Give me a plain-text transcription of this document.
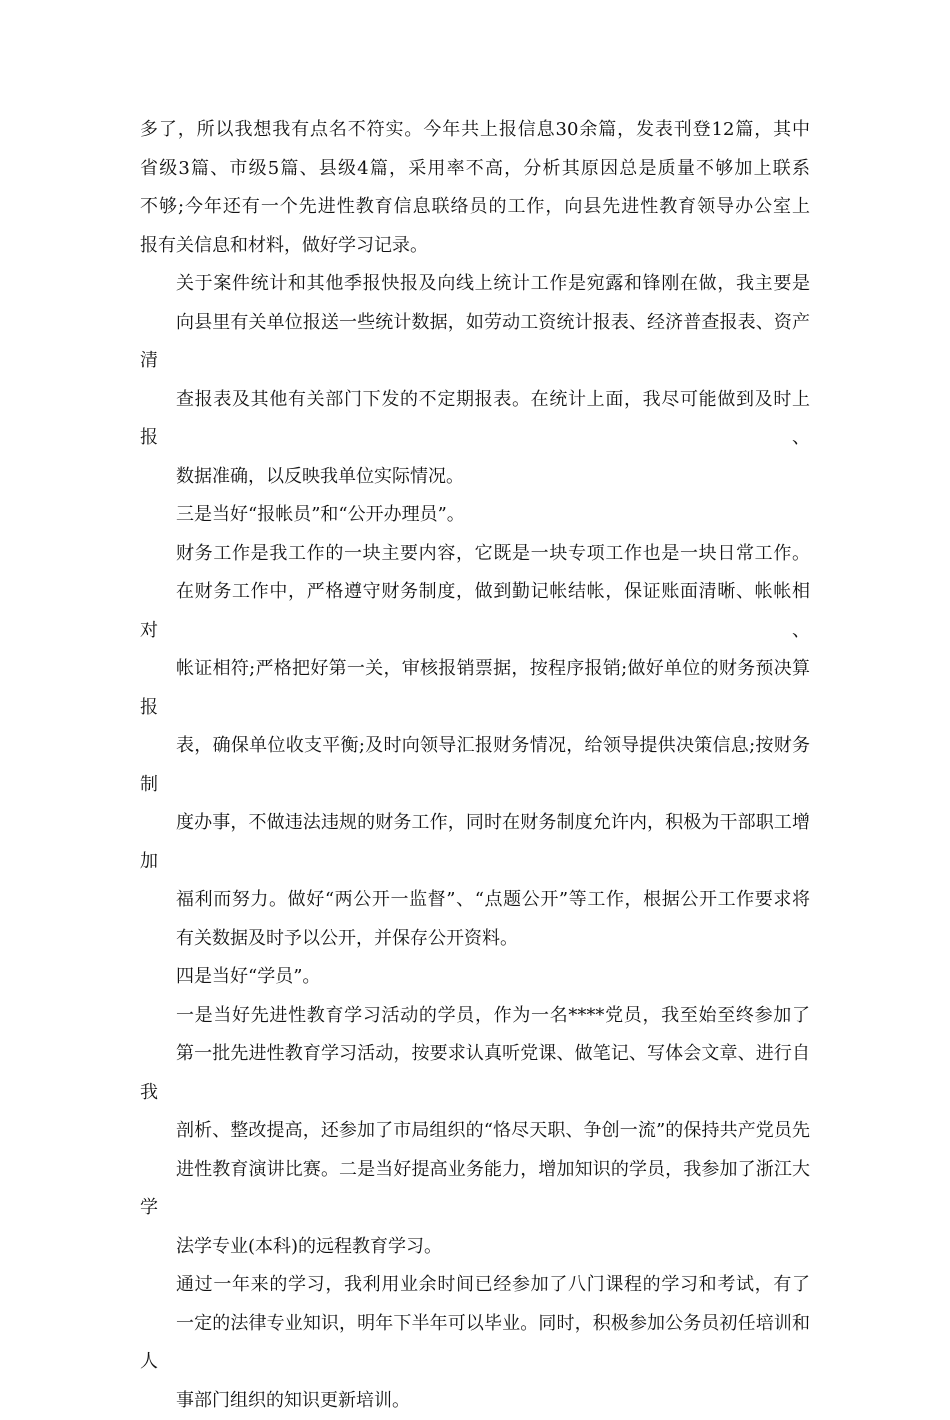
多了，所以我想我有点名不符实。今年共上报信息30余篇，发表刊登12篇，其中
省级3篇、市级5篇、县级4篇，采用率不高，分析其原因总是质量不够加上联系
不够;今年还有一个先进性教育信息联络员的工作，向县先进性教育领导办公室上
报有关信息和材料，做好学习记录。

关于案件统计和其他季报快报及向线上统计工作是宛露和锋刚在做，我主要是
向县里有关单位报送一些统计数据，如劳动工资统计报表、经济普查报表、资产清
查报表及其他有关部门下发的不定期报表。在统计上面，我尽可能做到及时上报、
数据准确，以反映我单位实际情况。

三是当好“报帐员”和“公开办理员”。

财务工作是我工作的一块主要内容，它既是一块专项工作也是一块日常工作。
在财务工作中，严格遵守财务制度，做到勤记帐结帐，保证账面清晰、帐帐相对、
帐证相符;严格把好第一关，审核报销票据，按程序报销;做好单位的财务预决算报
表，确保单位收支平衡;及时向领导汇报财务情况，给领导提供决策信息;按财务制
度办事，不做违法违规的财务工作，同时在财务制度允许内，积极为干部职工增加
福利而努力。做好“两公开一监督”、“点题公开”等工作，根据公开工作要求将
有关数据及时予以公开，并保存公开资料。

四是当好“学员”。

一是当好先进性教育学习活动的学员，作为一名****党员，我至始至终参加了
第一批先进性教育学习活动，按要求认真听党课、做笔记、写体会文章、进行自我
剖析、整改提高，还参加了市局组织的“恪尽天职、争创一流”的保持共产党员先
进性教育演讲比赛。二是当好提高业务能力，增加知识的学员，我参加了浙江大学
法学专业(本科)的远程教育学习。

通过一年来的学习，我利用业余时间已经参加了八门课程的学习和考试，有了
一定的法律专业知识，明年下半年可以毕业。同时，积极参加公务员初任培训和人
事部门组织的知识更新培训。
